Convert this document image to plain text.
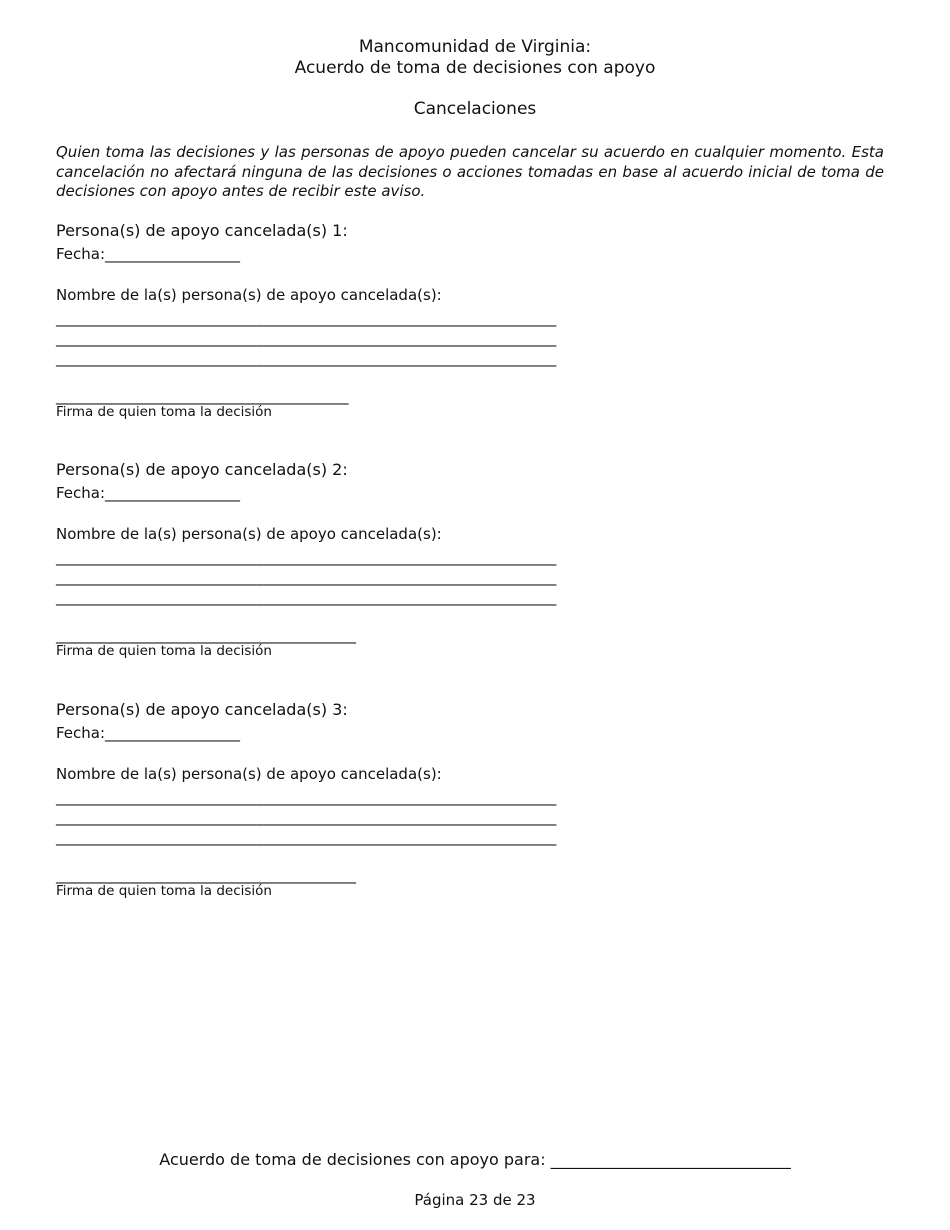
Mancomunidad de Virginia:
Acuerdo de toma de decisiones con apoyo
Cancelaciones
Quien toma las decisiones y las personas de apoyo pueden cancelar su acuerdo en cualquier momento. Esta cancelación no afectará ninguna de las decisiones o acciones tomadas en base al acuerdo inicial de toma de decisiones con apoyo antes de recibir este aviso.
Persona(s) de apoyo cancelada(s) 1:
Fecha:__________________
Nombre de la(s) persona(s) de apoyo cancelada(s):
_________________________________________________________________
_________________________________________________________________
_________________________________________________________________
_______________________________________
Firma de quien toma la decisión
Persona(s) de apoyo cancelada(s) 2:
Fecha:__________________
Nombre de la(s) persona(s) de apoyo cancelada(s):
_________________________________________________________________
_________________________________________________________________
_________________________________________________________________
________________________________________
Firma de quien toma la decisión
Persona(s) de apoyo cancelada(s) 3:
Fecha:__________________
Nombre de la(s) persona(s) de apoyo cancelada(s):
_________________________________________________________________
_________________________________________________________________
_________________________________________________________________
________________________________________
Firma de quien toma la decisión
Acuerdo de toma de decisiones con apoyo para: ______________________________
Página 23 de 23
